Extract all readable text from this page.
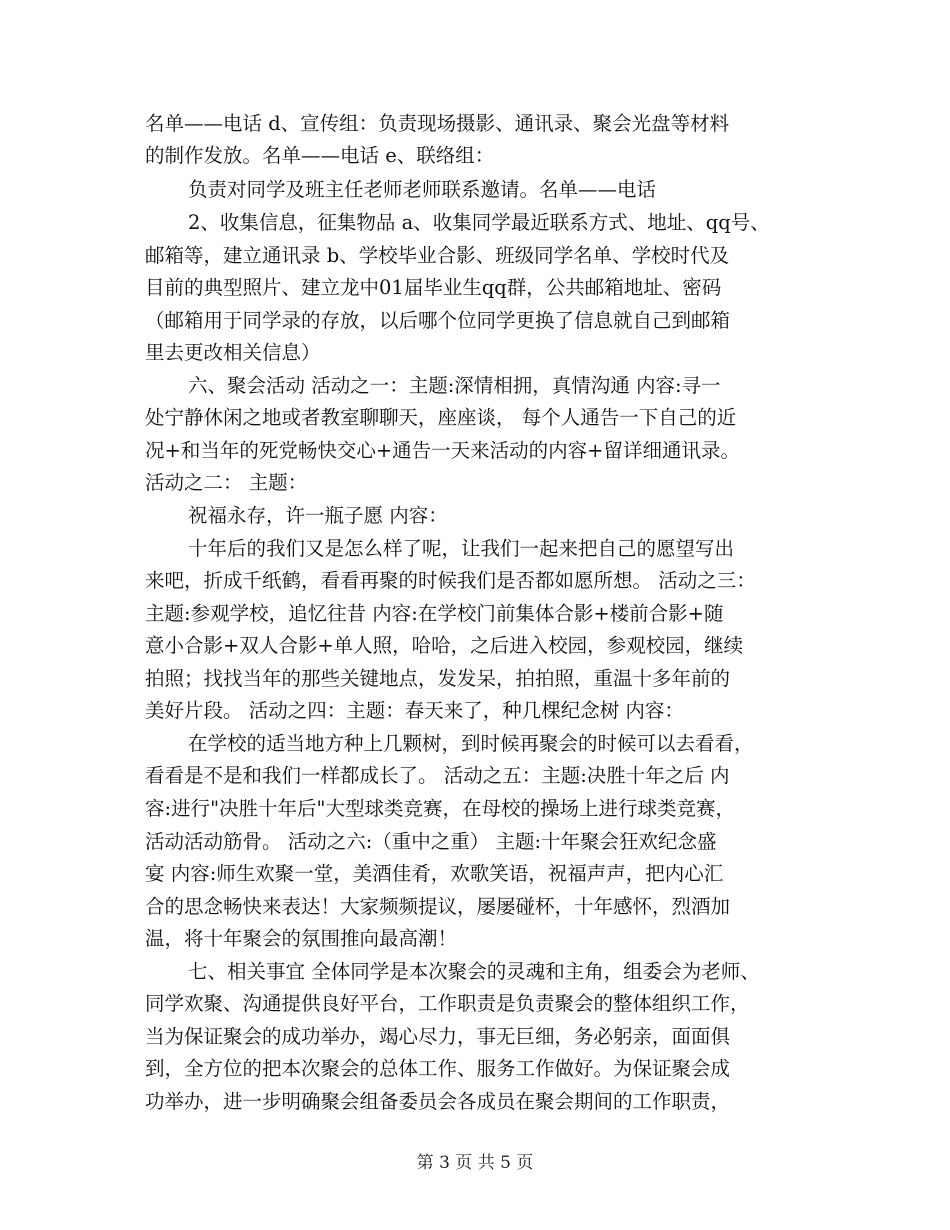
名单——电话 d、宣传组：负责现场摄影、通讯录、聚会光盘等材料
的制作发放。名单——电话 e、联络组：
负责对同学及班主任老师老师联系邀请。名单——电话
2、收集信息，征集物品 a、收集同学最近联系方式、地址、qq号、
邮箱等，建立通讯录 b、学校毕业合影、班级同学名单、学校时代及
目前的典型照片、建立龙中01届毕业生qq群，公共邮箱地址、密码
（邮箱用于同学录的存放，以后哪个位同学更换了信息就自己到邮箱
里去更改相关信息）
六、聚会活动 活动之一：主题:深情相拥，真情沟通 内容:寻一
处宁静休闲之地或者教室聊聊天，座座谈， 每个人通告一下自己的近
况+和当年的死党畅快交心+通告一天来活动的内容+留详细通讯录。
活动之二： 主题：
祝福永存，许一瓶子愿 内容：
十年后的我们又是怎么样了呢，让我们一起来把自己的愿望写出
来吧，折成千纸鹤，看看再聚的时候我们是否都如愿所想。 活动之三：
主题:参观学校，追忆往昔 内容:在学校门前集体合影+楼前合影+随
意小合影+双人合影+单人照，哈哈，之后进入校园，参观校园，继续
拍照；找找当年的那些关键地点，发发呆，拍拍照，重温十多年前的
美好片段。 活动之四：主题：春天来了，种几棵纪念树 内容：
在学校的适当地方种上几颗树，到时候再聚会的时候可以去看看，
看看是不是和我们一样都成长了。 活动之五：主题:决胜十年之后 内
容:进行"决胜十年后"大型球类竞赛，在母校的操场上进行球类竞赛，
活动活动筋骨。 活动之六:（重中之重） 主题:十年聚会狂欢纪念盛
宴 内容:师生欢聚一堂，美酒佳肴，欢歌笑语，祝福声声，把内心汇
合的思念畅快来表达！大家频频提议，屡屡碰杯，十年感怀，烈酒加
温，将十年聚会的氛围推向最高潮！
七、相关事宜 全体同学是本次聚会的灵魂和主角，组委会为老师、
同学欢聚、沟通提供良好平台，工作职责是负责聚会的整体组织工作，
当为保证聚会的成功举办，竭心尽力，事无巨细，务必躬亲，面面俱
到，全方位的把本次聚会的总体工作、服务工作做好。为保证聚会成
功举办，进一步明确聚会组备委员会各成员在聚会期间的工作职责，
第 3 页 共 5 页
